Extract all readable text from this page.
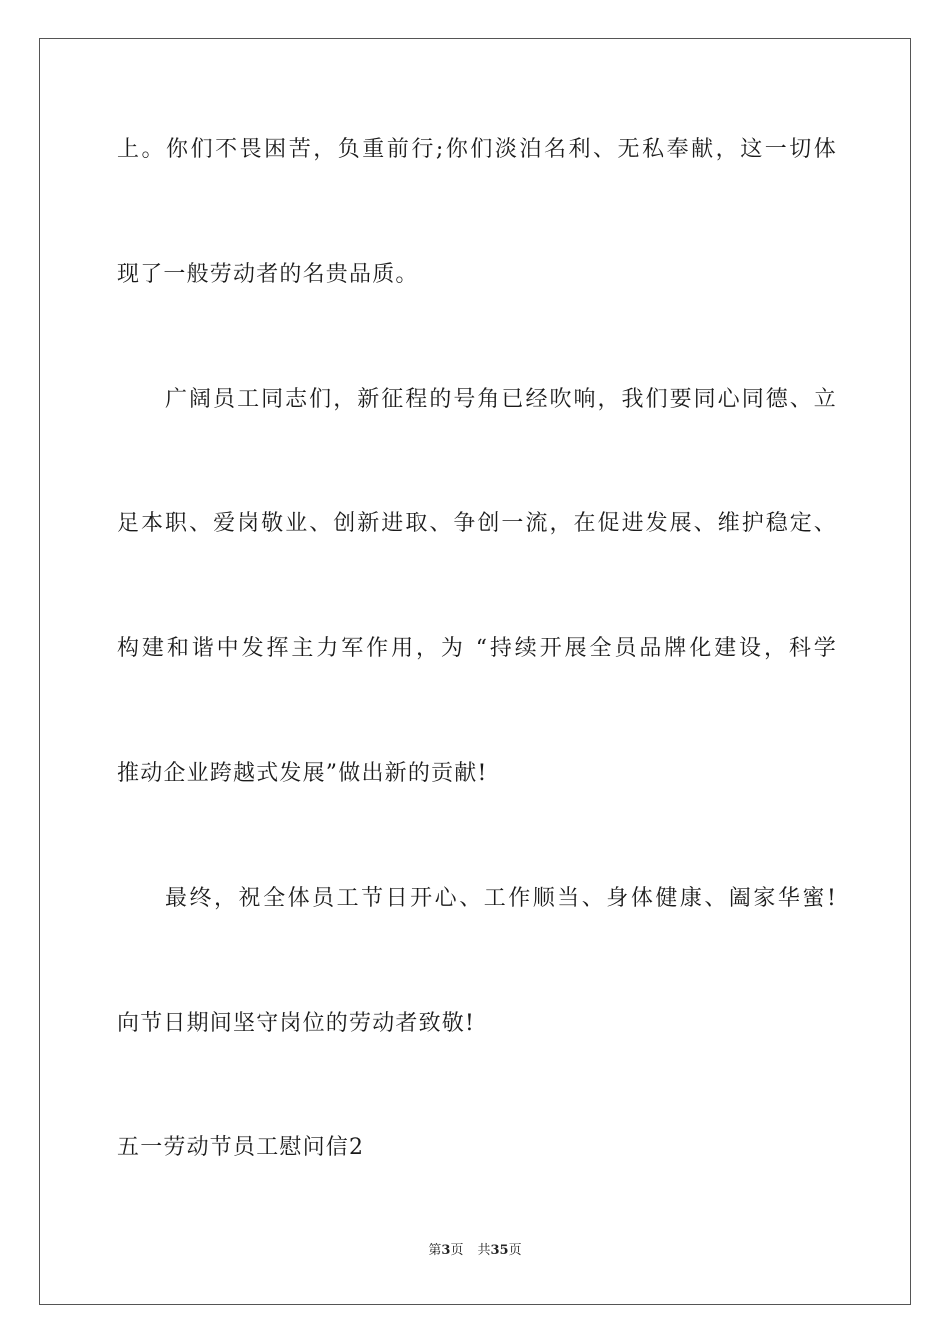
上。你们不畏困苦，负重前行;你们淡泊名利、无私奉献，这一切体
现了一般劳动者的名贵品质。
广阔员工同志们，新征程的号角已经吹响，我们要同心同德、立
足本职、爱岗敬业、创新进取、争创一流，在促进发展、维护稳定、
构建和谐中发挥主力军作用，为 “持续开展全员品牌化建设，科学
推动企业跨越式发展”做出新的贡献!
最终，祝全体员工节日开心、工作顺当、身体健康、阖家华蜜!
向节日期间坚守岗位的劳动者致敬!
五一劳动节员工慰问信2
第3页 共35页
